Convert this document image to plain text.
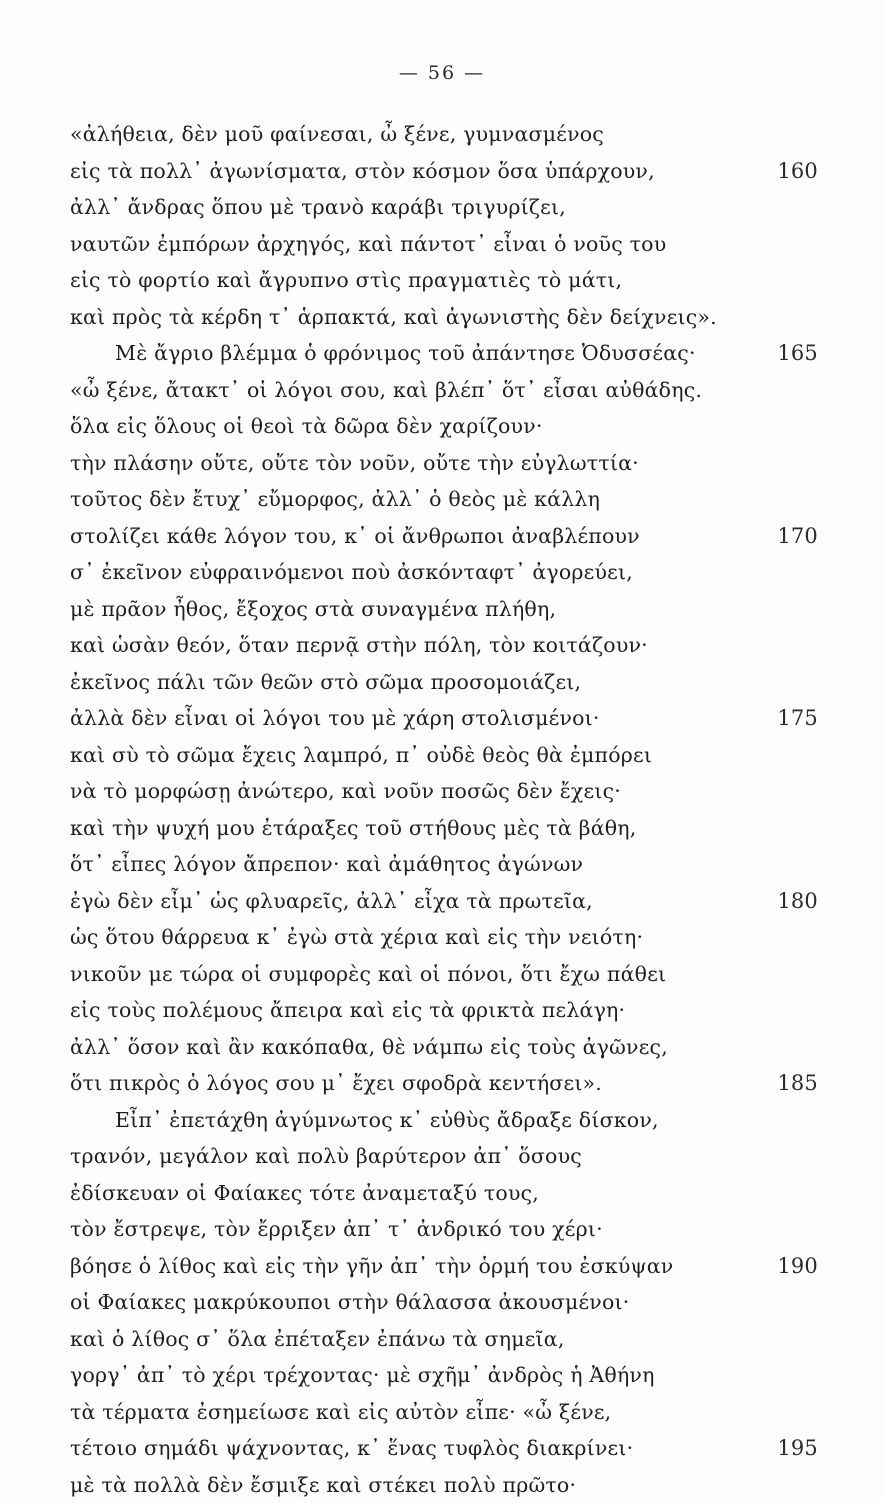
— 56 —
«ἀλήθεια, δὲν μοῦ φαίνεσαι, ὦ ξένε, γυμνασμένος
εἰς τὰ πολλ᾽ ἀγωνίσματα, στὸν κόσμον ὅσα ὑπάρχουν,	160
ἀλλ᾽ ἄνδρας ὅπου μὲ τρανὸ καράβι τριγυρίζει,
ναυτῶν ἐμπόρων ἀρχηγός, καὶ πάντοτ᾽ εἶναι ὁ νοῦς του
εἰς τὸ φορτίο καὶ ἄγρυπνο στὶς πραγματιὲς τὸ μάτι,
καὶ πρὸς τὰ κέρδη τ᾽ ἁρπακτά, καὶ ἀγωνιστὴς δὲν δείχνεις».
Μὲ ἄγριο βλέμμα ὁ φρόνιμος τοῦ ἀπάντησε Ὀδυσσέας·	165
«ὦ ξένε, ἄτακτ᾽ οἱ λόγοι σου, καὶ βλέπ᾽ ὅτ᾽ εἶσαι αὐθάδης.
ὅλα εἰς ὅλους οἱ θεοὶ τὰ δῶρα δὲν χαρίζουν·
τὴν πλάσην οὔτε, οὔτε τὸν νοῦν, οὔτε τὴν εὐγλωττία·
τοῦτος δὲν ἔτυχ᾽ εὔμορφος, ἀλλ᾽ ὁ θεὸς μὲ κάλλη
στολίζει κάθε λόγον του, κ᾽ οἱ ἄνθρωποι ἀναβλέπουν	170
σ᾽ ἐκεῖνον εὐφραινόμενοι ποὺ ἀσκόνταφτ᾽ ἀγορεύει,
μὲ πρᾶον ἦθος, ἔξοχος στὰ συναγμένα πλήθη,
καὶ ὡσὰν θεόν, ὅταν περνᾷ στὴν πόλη, τὸν κοιτάζουν·
ἐκεῖνος πάλι τῶν θεῶν στὸ σῶμα προσομοιάζει,
ἀλλὰ δὲν εἶναι οἱ λόγοι του μὲ χάρη στολισμένοι·	175
καὶ σὺ τὸ σῶμα ἔχεις λαμπρό, π᾽ οὐδὲ θεὸς θὰ ἐμπόρει
νὰ τὸ μορφώσῃ ἀνώτερο, καὶ νοῦν ποσῶς δὲν ἔχεις·
καὶ τὴν ψυχή μου ἐτάραξες τοῦ στήθους μὲς τὰ βάθη,
ὅτ᾽ εἶπες λόγον ἄπρεπον· καὶ ἀμάθητος ἀγώνων
ἐγὼ δὲν εἶμ᾽ ὡς φλυαρεῖς, ἀλλ᾽ εἶχα τὰ πρωτεῖα,	180
ὡς ὅτου θάρρευα κ᾽ ἐγὼ στὰ χέρια καὶ εἰς τὴν νειότη·
νικοῦν με τώρα οἱ συμφορὲς καὶ οἱ πόνοι, ὅτι ἔχω πάθει
εἰς τοὺς πολέμους ἄπειρα καὶ εἰς τὰ φρικτὰ πελάγη·
ἀλλ᾽ ὅσον καὶ ἂν κακόπαθα, θὲ νάμπω εἰς τοὺς ἀγῶνες,
ὅτι πικρὸς ὁ λόγος σου μ᾽ ἔχει σφοδρὰ κεντήσει».	185
Εἶπ᾽ ἐπετάχθη ἀγύμνωτος κ᾽ εὐθὺς ἄδραξε δίσκον,
τρανόν, μεγάλον καὶ πολὺ βαρύτερον ἀπ᾽ ὅσους
ἐδίσκευαν οἱ Φαίακες τότε ἀναμεταξύ τους,
τὸν ἔστρεψε, τὸν ἔρριξεν ἀπ᾽ τ᾽ ἀνδρικό του χέρι·
βόησε ὁ λίθος καὶ εἰς τὴν γῆν ἀπ᾽ τὴν ὁρμή του ἐσκύψαν	190
οἱ Φαίακες μακρύκουποι στὴν θάλασσα ἀκουσμένοι·
καὶ ὁ λίθος σ᾽ ὅλα ἐπέταξεν ἐπάνω τὰ σημεῖα,
γοργ᾽ ἀπ᾽ τὸ χέρι τρέχοντας· μὲ σχῆμ᾽ ἀνδρὸς ἡ Ἀθήνη
τὰ τέρματα ἐσημείωσε καὶ εἰς αὐτὸν εἶπε· «ὦ ξένε,
τέτοιο σημάδι ψάχνοντας, κ᾽ ἕνας τυφλὸς διακρίνει·	195
μὲ τὰ πολλὰ δὲν ἔσμιξε καὶ στέκει πολὺ πρῶτο·
